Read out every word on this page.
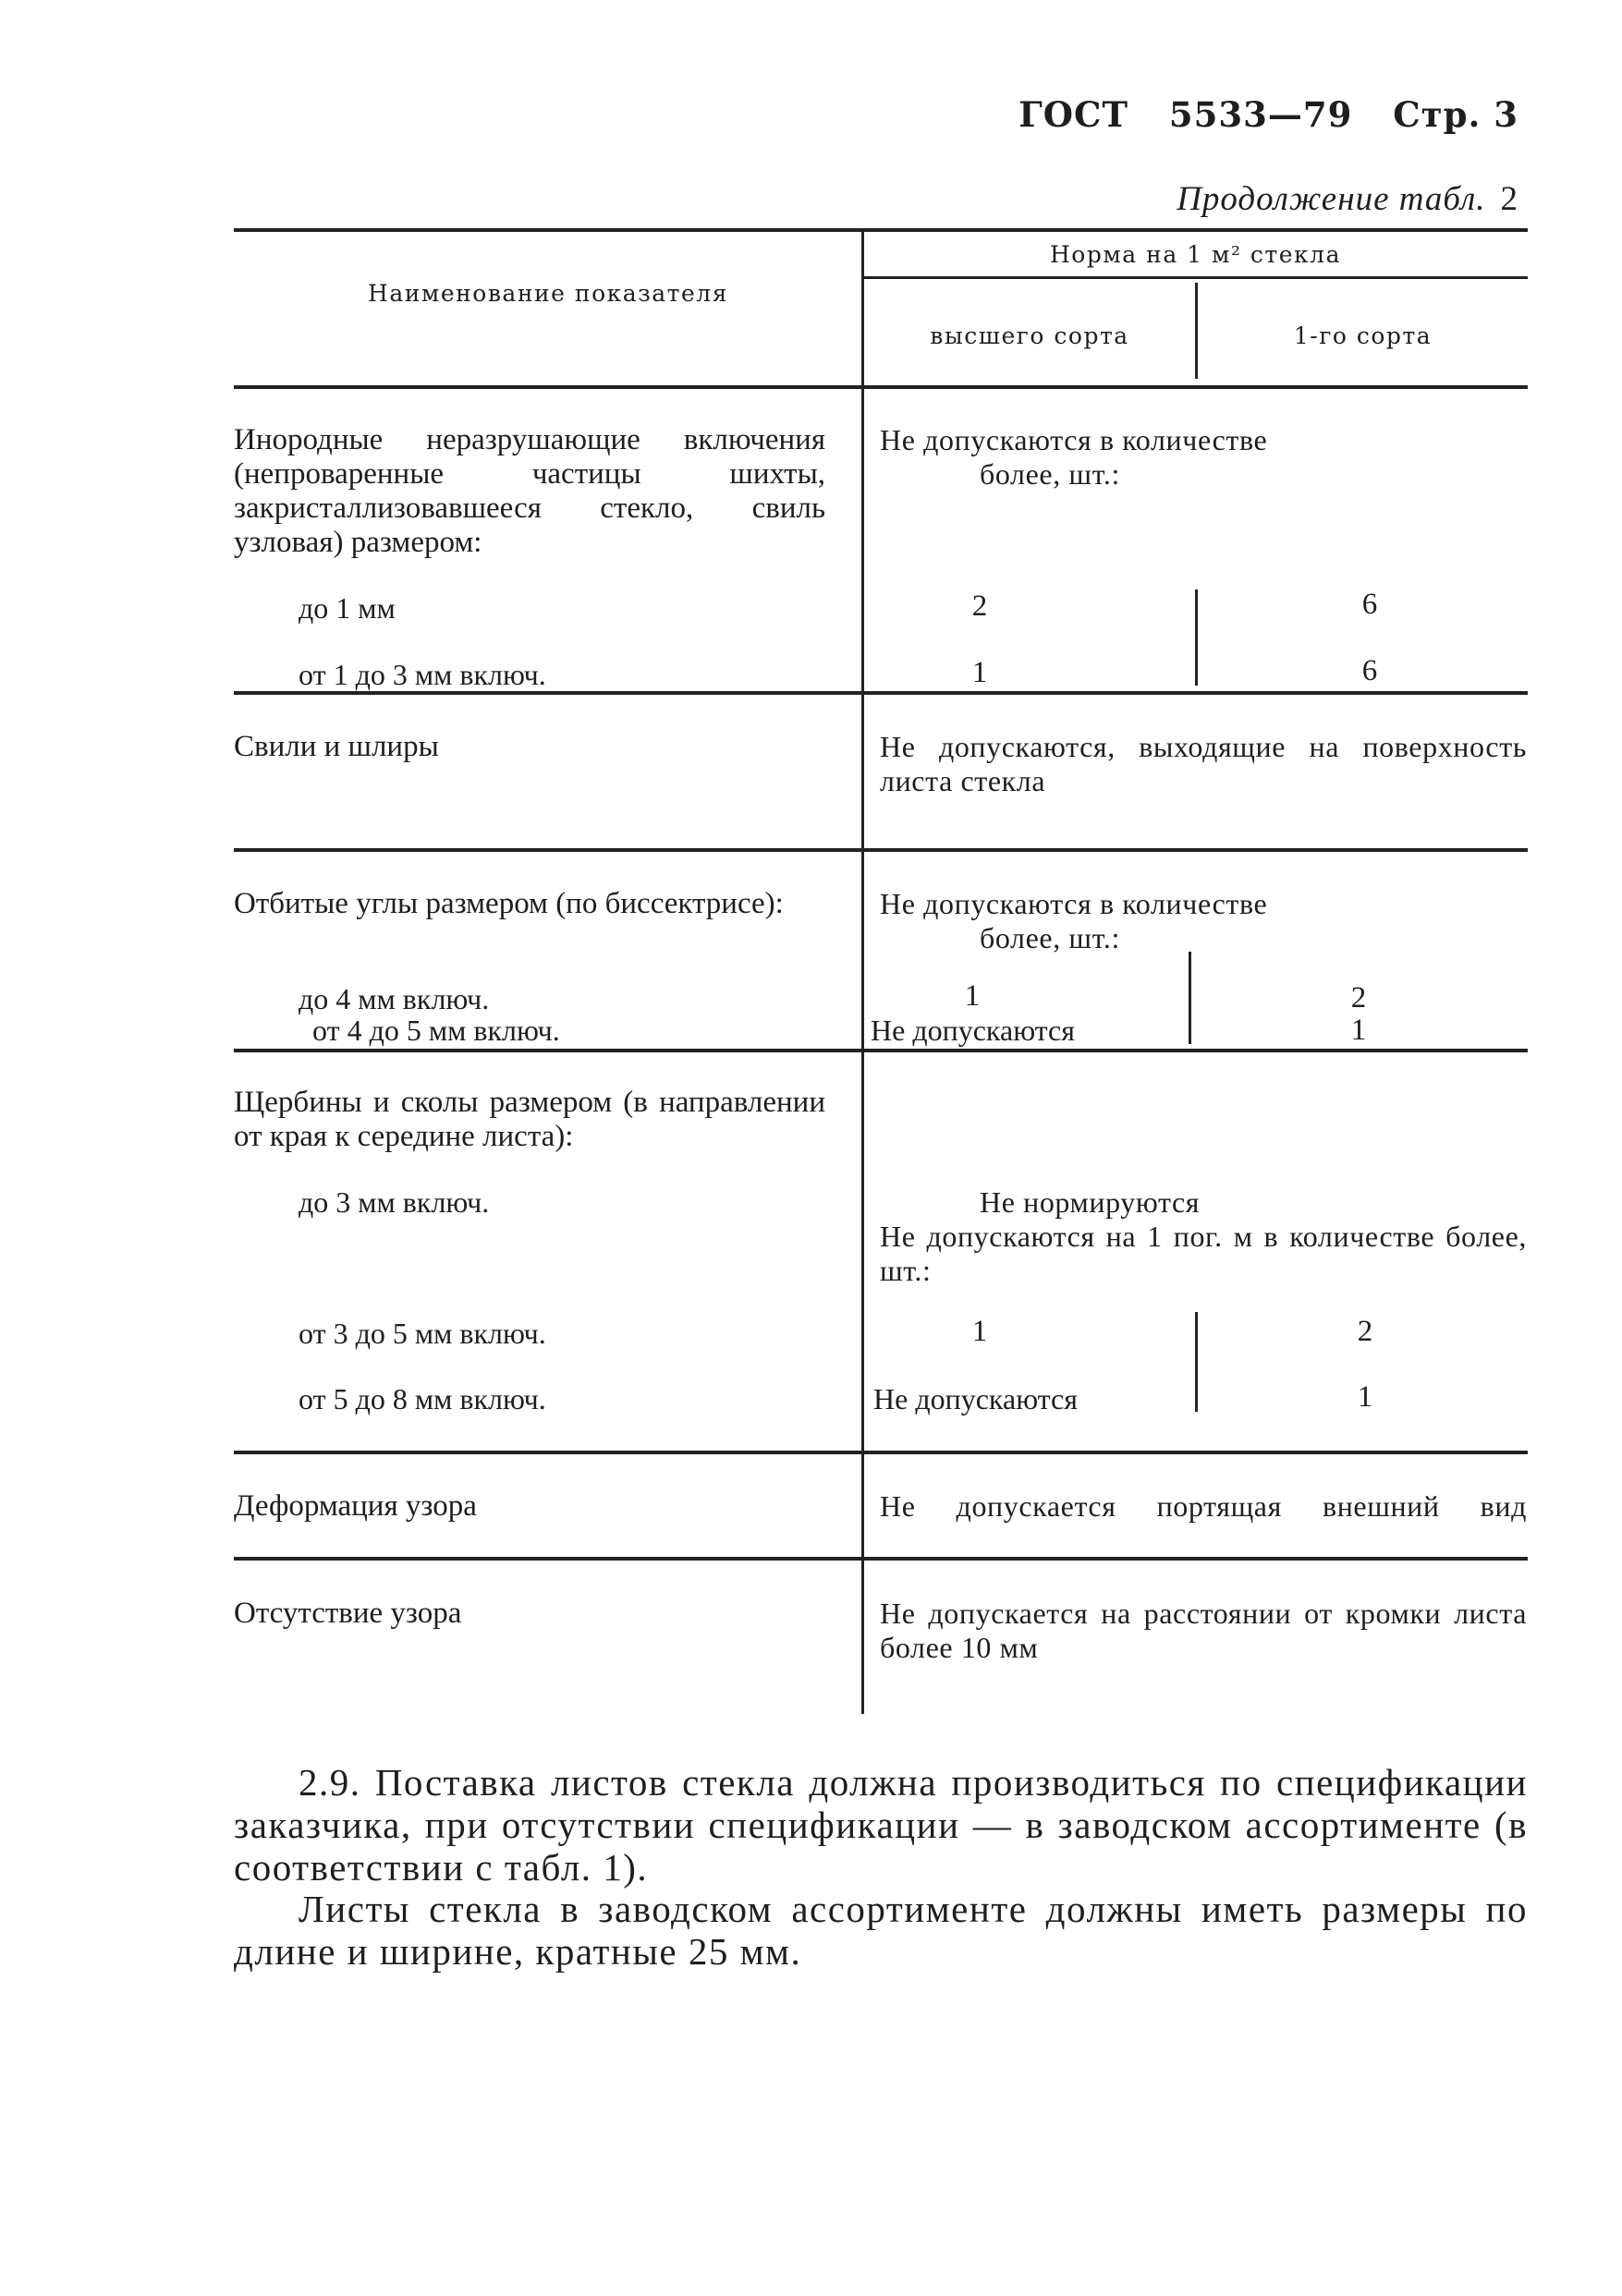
ГОСТ 5533—79 Стр. 3
Продолжение табл. 2
Наименование показателя
Норма на 1 м² стекла
высшего сорта	1-го сорта
Инородные неразрушающие включения (непроваренные частицы шихты, закристаллизовавшееся стекло, свиль узловая) размером:
Не допускаются в количестве
более, шт.:
до 1 мм	2	6
от 1 до 3 мм включ.	1	6
Свили и шлиры	Не допускаются, выходящие на поверхность листа стекла
Отбитые углы размером (по биссектрисе):	Не допускаются в количестве
более, шт.:
до 4 мм включ.	1	2
от 4 до 5 мм включ.	Не допускаются	1
Щербины и сколы размером (в направлении от края к середине листа):
до 3 мм включ.	Не нормируются
Не допускаются на 1 пог. м в количестве более, шт.:
от 3 до 5 мм включ.	1	2
от 5 до 8 мм включ.	Не допускаются	1
Деформация узора	Не допускается портящая внешний вид
Отсутствие узора	Не допускается на расстоянии от кромки листа более 10 мм
2.9. Поставка листов стекла должна производиться по спецификации заказчика, при отсутствии спецификации — в заводском ассортименте (в соответствии с табл. 1).
Листы стекла в заводском ассортименте должны иметь размеры по длине и ширине, кратные 25 мм.
